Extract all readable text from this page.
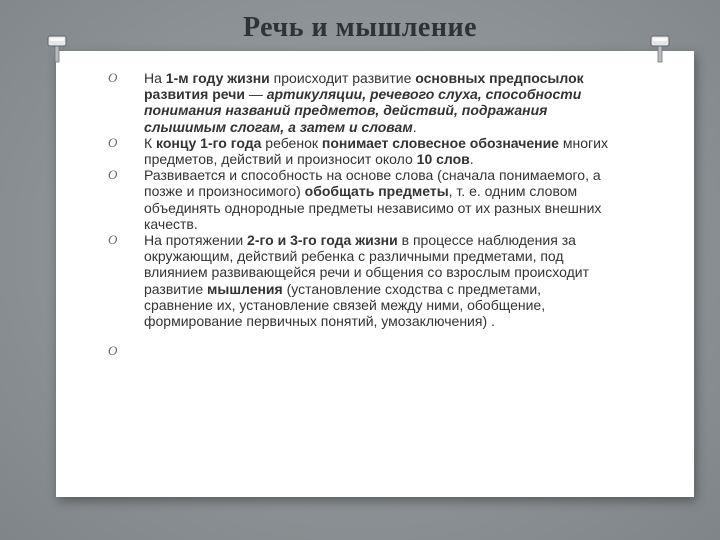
Речь и мышление
O На 1-м году жизни происходит развитие основных предпосылок развития речи — артикуляции, речевого слуха, способности понимания названий предметов, действий, подражания слышимым слогам, а затем и словам.

O К концу 1-го года ребенок понимает словесное обозначение многих предметов, действий и произносит около 10 слов.

O Развивается и способность на основе слова (сначала понимаемого, а позже и произносимого) обобщать предметы, т. е. одним словом объединять однородные предметы независимо от их разных внешних качеств.

O На протяжении 2-го и 3-го года жизни в процессе наблюдения за окружающим, действий ребенка с различными предметами, под влиянием развивающейся речи и общения со взрослым происходит развитие мышления (установление сходства с предметами, сравнение их, установление связей между ними, обобщение, формирование первичных понятий, умозаключения) .

O
